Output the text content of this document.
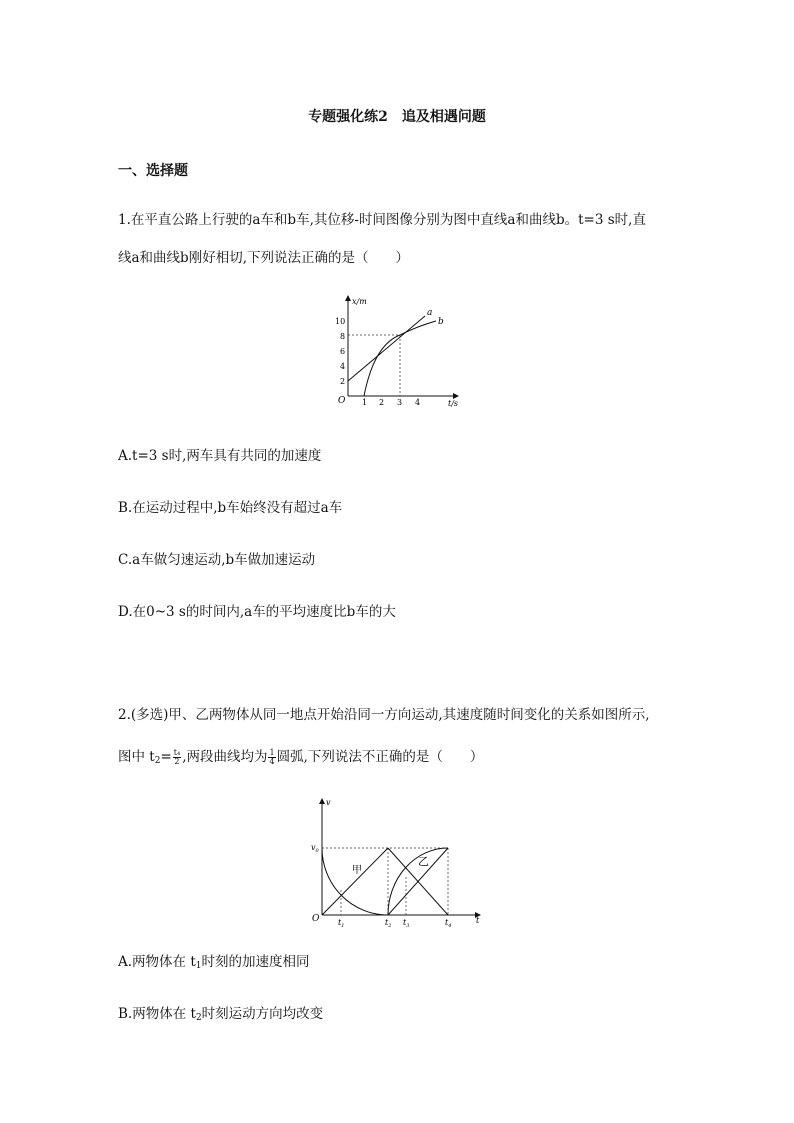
专题强化练2　追及相遇问题
一、选择题
1.在平直公路上行驶的a车和b车,其位移-时间图像分别为图中直线a和曲线b。t=3 s时,直
线a和曲线b刚好相切,下列说法正确的是（　　）
a
b
x/m
t/s
O
2
4
6
8
10
1 2 3 4
A.t=3 s时,两车具有共同的加速度
B.在运动过程中,b车始终没有超过a车
C.a车做匀速运动,b车做加速运动
D.在0~3 s的时间内,a车的平均速度比b车的大
2.(多选)甲、乙两物体从同一地点开始沿同一方向运动,其速度随时间变化的关系如图所示,
图中 $t_2= \frac{\text{t₄}}{2}$ ,两段曲线均为 $\frac{1}{4}$ 圆弧,下列说法不正确的是（　　）
v
t
O
$v_0$
甲
乙
$t_1$	$t_2$ $t_3$	$t_4$
A.两物体在 $t_1$时刻的加速度相同
B.两物体在 $t_2$时刻运动方向均改变
